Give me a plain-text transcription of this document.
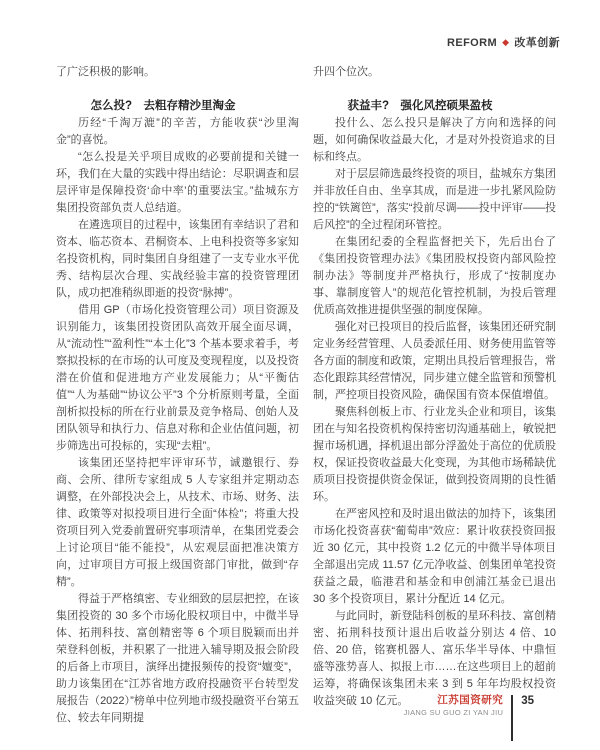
REFORM ◆ 改革创新

了广泛积极的影响。

怎么投?　去粗存精沙里淘金

历经“千淘万漉”的辛苦，方能收获“沙里淘金”的喜悦。

“怎么投是关乎项目成败的必要前提和关键一环，我们在大量的实践中得出结论：尽职调查和层层评审是保障投资‘命中率’的重要法宝。”盐城东方集团投资部负责人总结道。

在遴选项目的过程中，该集团有幸结识了君和资本、临芯资本、君桐资本、上电科投资等多家知名投资机构，同时集团自身组建了一支专业水平优秀、结构层次合理、实战经验丰富的投资管理团队，成功把准稍纵即逝的投资“脉搏”。

借用 GP（市场化投资管理公司）项目资源及识别能力，该集团投资团队高效开展全面尽调，从“流动性”“盈利性”“本土化”3 个基本要求着手，考察拟投标的在市场的认可度及变现程度，以及投资潜在价值和促进地方产业发展能力；从“平衡估值”“人为基础”“协议公平”3 个分析原则考量，全面剖析拟投标的所在行业前景及竞争格局、创始人及团队领导和执行力、信息对称和企业估值问题，初步筛选出可投标的，实现“去粗”。

该集团还坚持把牢评审环节，诚邀银行、券商、会所、律所专家组成 5 人专家组并定期动态调整，在外部投决会上，从技术、市场、财务、法律、政策等对拟投项目进行全面“体检”；将重大投资项目列入党委前置研究事项清单，在集团党委会上讨论项目“能不能投”，从宏观层面把准决策方向，过审项目方可报上级国资部门审批，做到“存精”。

得益于严格缜密、专业细致的层层把控，在该集团投资的 30 多个市场化股权项目中，中微半导体、拓荆科技、富创精密等 6 个项目脱颖而出并荣登科创板，并积累了一批进入辅导期及报会阶段的后备上市项目，演绎出捷报频传的投资“嬗变”，助力该集团在“江苏省地方政府投融资平台转型发展报告（2022）”榜单中位列地市级投融资平台第五位、较去年同期提

升四个位次。

获益丰?　强化风控硕果盈枝

投什么、怎么投只是解决了方向和选择的问题，如何确保收益最大化，才是对外投资追求的目标和终点。

对于层层筛选最终投资的项目，盐城东方集团并非放任自由、坐享其成，而是进一步扎紧风险防控的“铁篱笆”，落实“投前尽调——投中评审——投后风控”的全过程闭环管控。

在集团纪委的全程监督把关下，先后出台了《集团投资管理办法》《集团股权投资内部风险控制办法》等制度并严格执行，形成了“按制度办事、靠制度管人”的规范化管控机制，为投后管理优质高效推进提供坚强的制度保障。

强化对已投项目的投后监督，该集团还研究制定业务经营管理、人员委派任用、财务使用监管等各方面的制度和政策，定期出具投后管理报告，常态化跟踪其经营情况，同步建立健全监管和预警机制，严控项目投资风险，确保国有资本保值增值。

聚焦科创板上市、行业龙头企业和项目，该集团在与知名投资机构保持密切沟通基础上，敏锐把握市场机遇，择机退出部分浮盈处于高位的优质股权，保证投资收益最大化变现，为其他市场稀缺优质项目投资提供资金保证，做到投资周期的良性循环。

在严密风控和及时退出做法的加持下，该集团市场化投资喜获“葡萄串”效应：累计收获投资回报近 30 亿元，其中投资 1.2 亿元的中微半导体项目全部退出完成 11.57 亿元净收益、创集团单笔投资获益之最，临港君和基金和申创浦江基金已退出 30 多个投资项目，累计分配近 14 亿元。

与此同时，新登陆科创板的星环科技、富创精密、拓荆科技预计退出后收益分别达 4 倍、10 倍、20 倍，铭赛机器人、富乐华半导体、中鼎恒盛等涨势喜人、拟报上市……在这些项目上的超前运筹，将确保该集团未来 3 到 5 年年均股权投资收益突破 10 亿元。	江苏国资研究
JIANG SU GUO ZI YAN JIU
35
